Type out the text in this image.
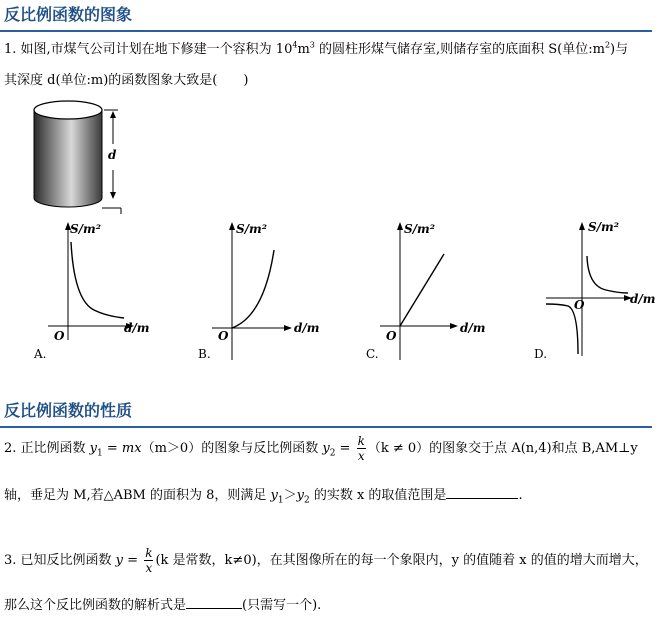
反比例函数的图象
1. 如图,市煤气公司计划在地下修建一个容积为 $10^4m^3$ 的圆柱形煤气储存室,则储存室的底面积 S(单位$:m^2$)与
其深度 d(单位:m)的函数图象大致是(　　)
d
S/m²
d/m
O
A.
S/m²
d/m
O
B.
S/m²
d/m
O
C.
S/m²
d/m
O
D.
反比例函数的性质
2. 正比例函数 $y_1 = mx(m>0)$的图象与反比例函数 $y_2 = \frac{k}{x} (k \ne 0)$的图象交于点 A(n,4)和点 B,AM⊥y
轴，垂足为 M,若△ABM 的面积为 8，则满足 $y_1>y_2$ 的实数 x 的取值范围是	.
3. 已知反比例函数 $y = \frac{k}{x} (k$ 是常数，k≠0)，在其图像所在的每一个象限内，y 的值随着 x 的值的增大而增大，
那么这个反比例函数的解析式是	(只需写一个).
